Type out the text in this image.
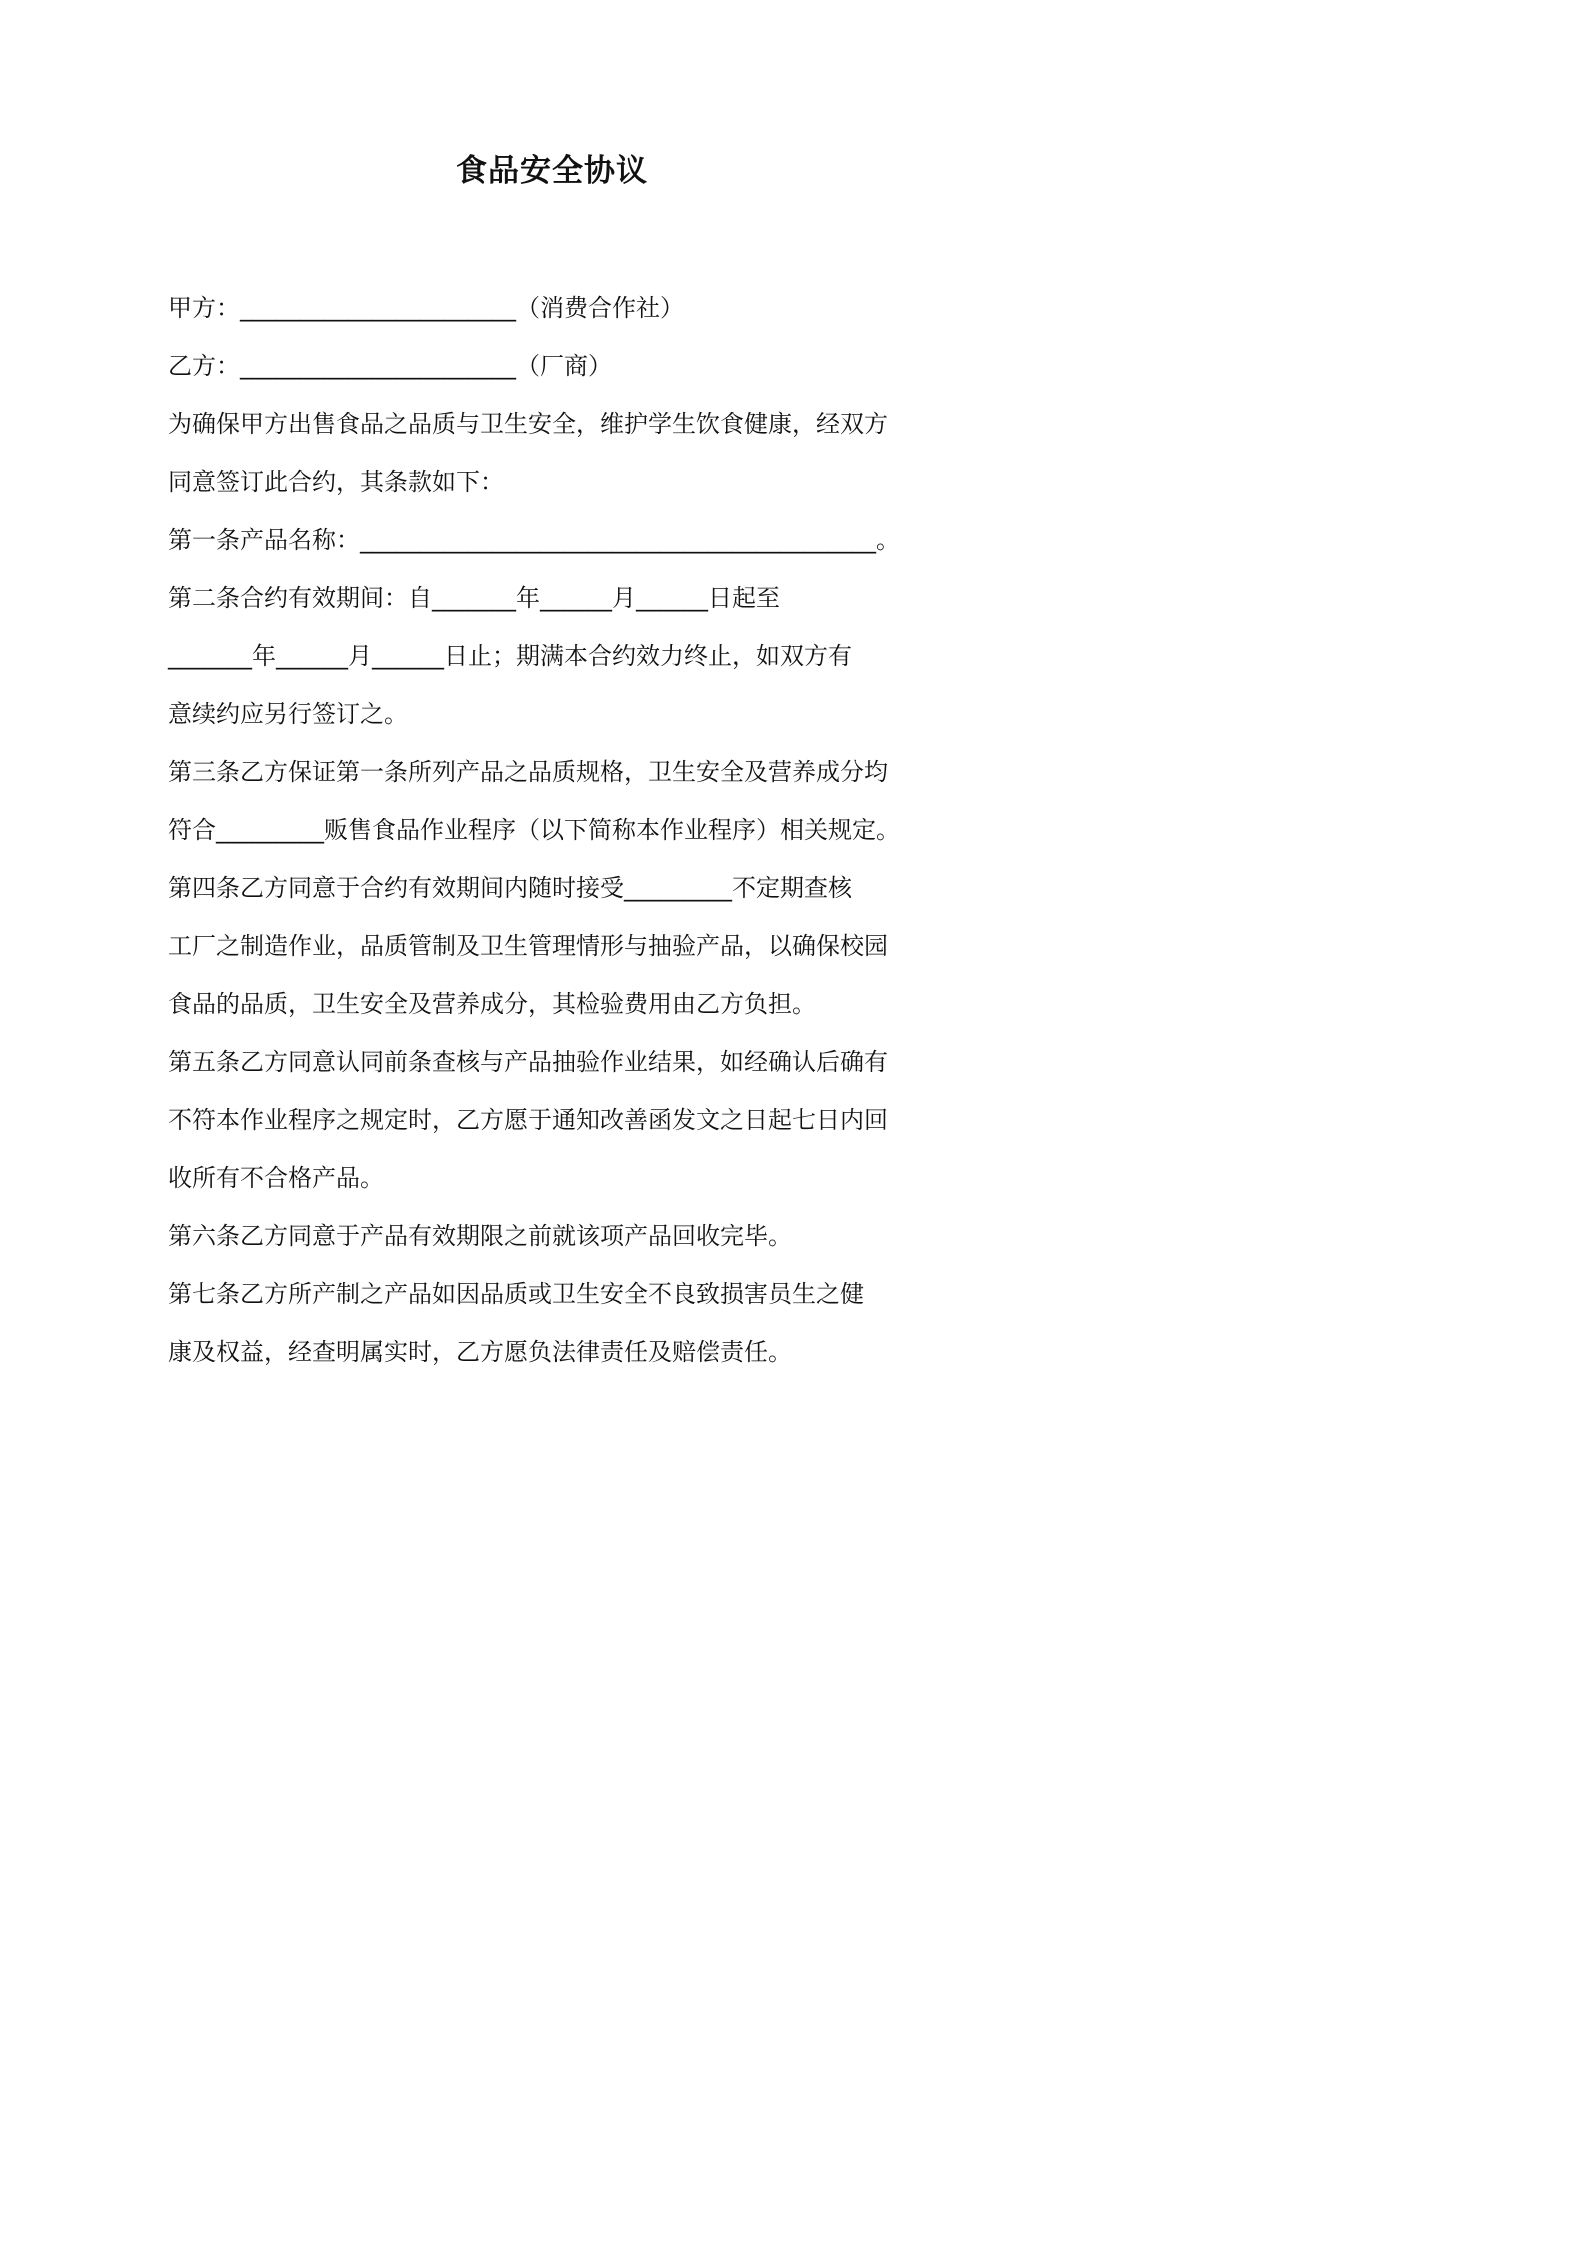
食品安全协议
甲方：_______________________（消费合作社）
乙方：_______________________（厂商）
为确保甲方出售食品之品质与卫生安全，维护学生饮食健康，经双方
同意签订此合约，其条款如下：
第一条产品名称：___________________________________________。
第二条合约有效期间：自_______年______月______日起至
_______年______月______日止；期满本合约效力终止，如双方有
意续约应另行签订之。
第三条乙方保证第一条所列产品之品质规格，卫生安全及营养成分均
符合_________贩售食品作业程序（以下简称本作业程序）相关规定。
第四条乙方同意于合约有效期间内随时接受_________不定期查核
工厂之制造作业，品质管制及卫生管理情形与抽验产品，以确保校园
食品的品质，卫生安全及营养成分，其检验费用由乙方负担。
第五条乙方同意认同前条查核与产品抽验作业结果，如经确认后确有
不符本作业程序之规定时，乙方愿于通知改善函发文之日起七日内回
收所有不合格产品。
第六条乙方同意于产品有效期限之前就该项产品回收完毕。
第七条乙方所产制之产品如因品质或卫生安全不良致损害员生之健
康及权益，经查明属实时，乙方愿负法律责任及赔偿责任。
